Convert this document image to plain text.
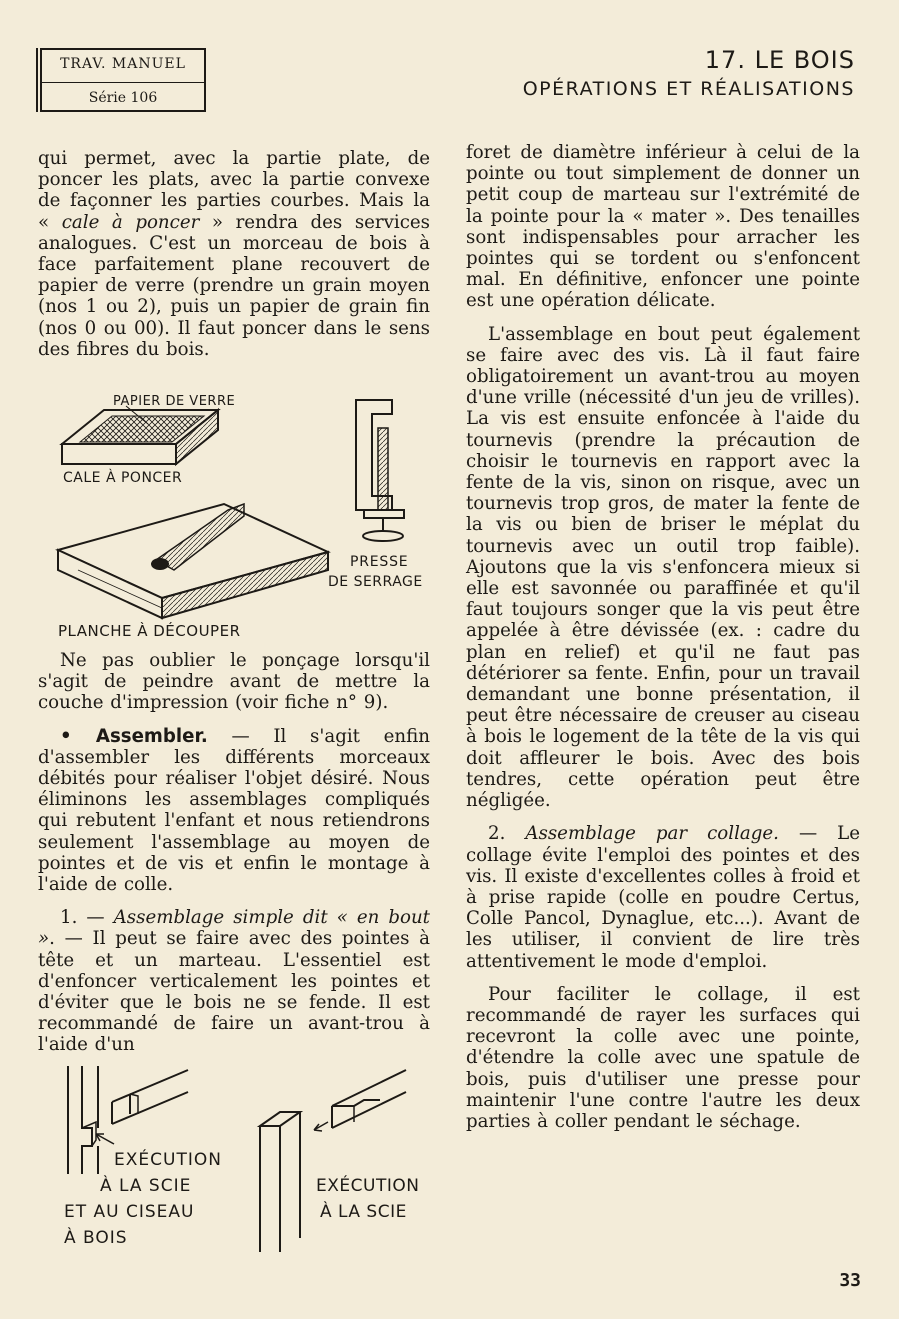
TRAV. MANUEL
Série 106
17. LE BOIS
OPÉRATIONS ET RÉALISATIONS

qui permet, avec la partie plate, de poncer les plats, avec la partie convexe de façonner les parties courbes. Mais la « cale à poncer » rendra des services analogues. C'est un morceau de bois à face parfaitement plane recouvert de papier de verre (prendre un grain moyen (nos 1 ou 2), puis un papier de grain fin (nos 0 ou 00). Il faut poncer dans le sens des fibres du bois.

PAPIER DE VERRE
CALE À PONCER
PRESSE
DE SERRAGE
PLANCHE À DÉCOUPER

Ne pas oublier le ponçage lorsqu'il s'agit de peindre avant de mettre la couche d'impression (voir fiche n° 9).

• Assembler. — Il s'agit enfin d'assembler les différents morceaux débités pour réaliser l'objet désiré. Nous éliminons les assemblages compliqués qui rebutent l'enfant et nous retiendrons seulement l'assemblage au moyen de pointes et de vis et enfin le montage à l'aide de colle.

1. — Assemblage simple dit « en bout ». — Il peut se faire avec des pointes à tête et un marteau. L'essentiel est d'enfoncer verticalement les pointes et d'éviter que le bois ne se fende. Il est recommandé de faire un avant-trou à l'aide d'un

EXÉCUTION
À LA SCIE
ET AU CISEAU
À BOIS
EXÉCUTION
À LA SCIE

foret de diamètre inférieur à celui de la pointe ou tout simplement de donner un petit coup de marteau sur l'extrémité de la pointe pour la « mater ». Des tenailles sont indispensables pour arracher les pointes qui se tordent ou s'enfoncent mal. En définitive, enfoncer une pointe est une opération délicate.

L'assemblage en bout peut également se faire avec des vis. Là il faut faire obligatoirement un avant-trou au moyen d'une vrille (nécessité d'un jeu de vrilles). La vis est ensuite enfoncée à l'aide du tournevis (prendre la précaution de choisir le tournevis en rapport avec la fente de la vis, sinon on risque, avec un tournevis trop gros, de mater la fente de la vis ou bien de briser le méplat du tournevis avec un outil trop faible). Ajoutons que la vis s'enfoncera mieux si elle est savonnée ou paraffinée et qu'il faut toujours songer que la vis peut être appelée à être dévissée (ex. : cadre du plan en relief) et qu'il ne faut pas détériorer sa fente. Enfin, pour un travail demandant une bonne présentation, il peut être nécessaire de creuser au ciseau à bois le logement de la tête de la vis qui doit affleurer le bois. Avec des bois tendres, cette opération peut être négligée.

2. Assemblage par collage. — Le collage évite l'emploi des pointes et des vis. Il existe d'excellentes colles à froid et à prise rapide (colle en poudre Certus, Colle Pancol, Dynaglue, etc...). Avant de les utiliser, il convient de lire très attentivement le mode d'emploi.

Pour faciliter le collage, il est recommandé de rayer les surfaces qui recevront la colle avec une pointe, d'étendre la colle avec une spatule de bois, puis d'utiliser une presse pour maintenir l'une contre l'autre les deux parties à coller pendant le séchage.

33
